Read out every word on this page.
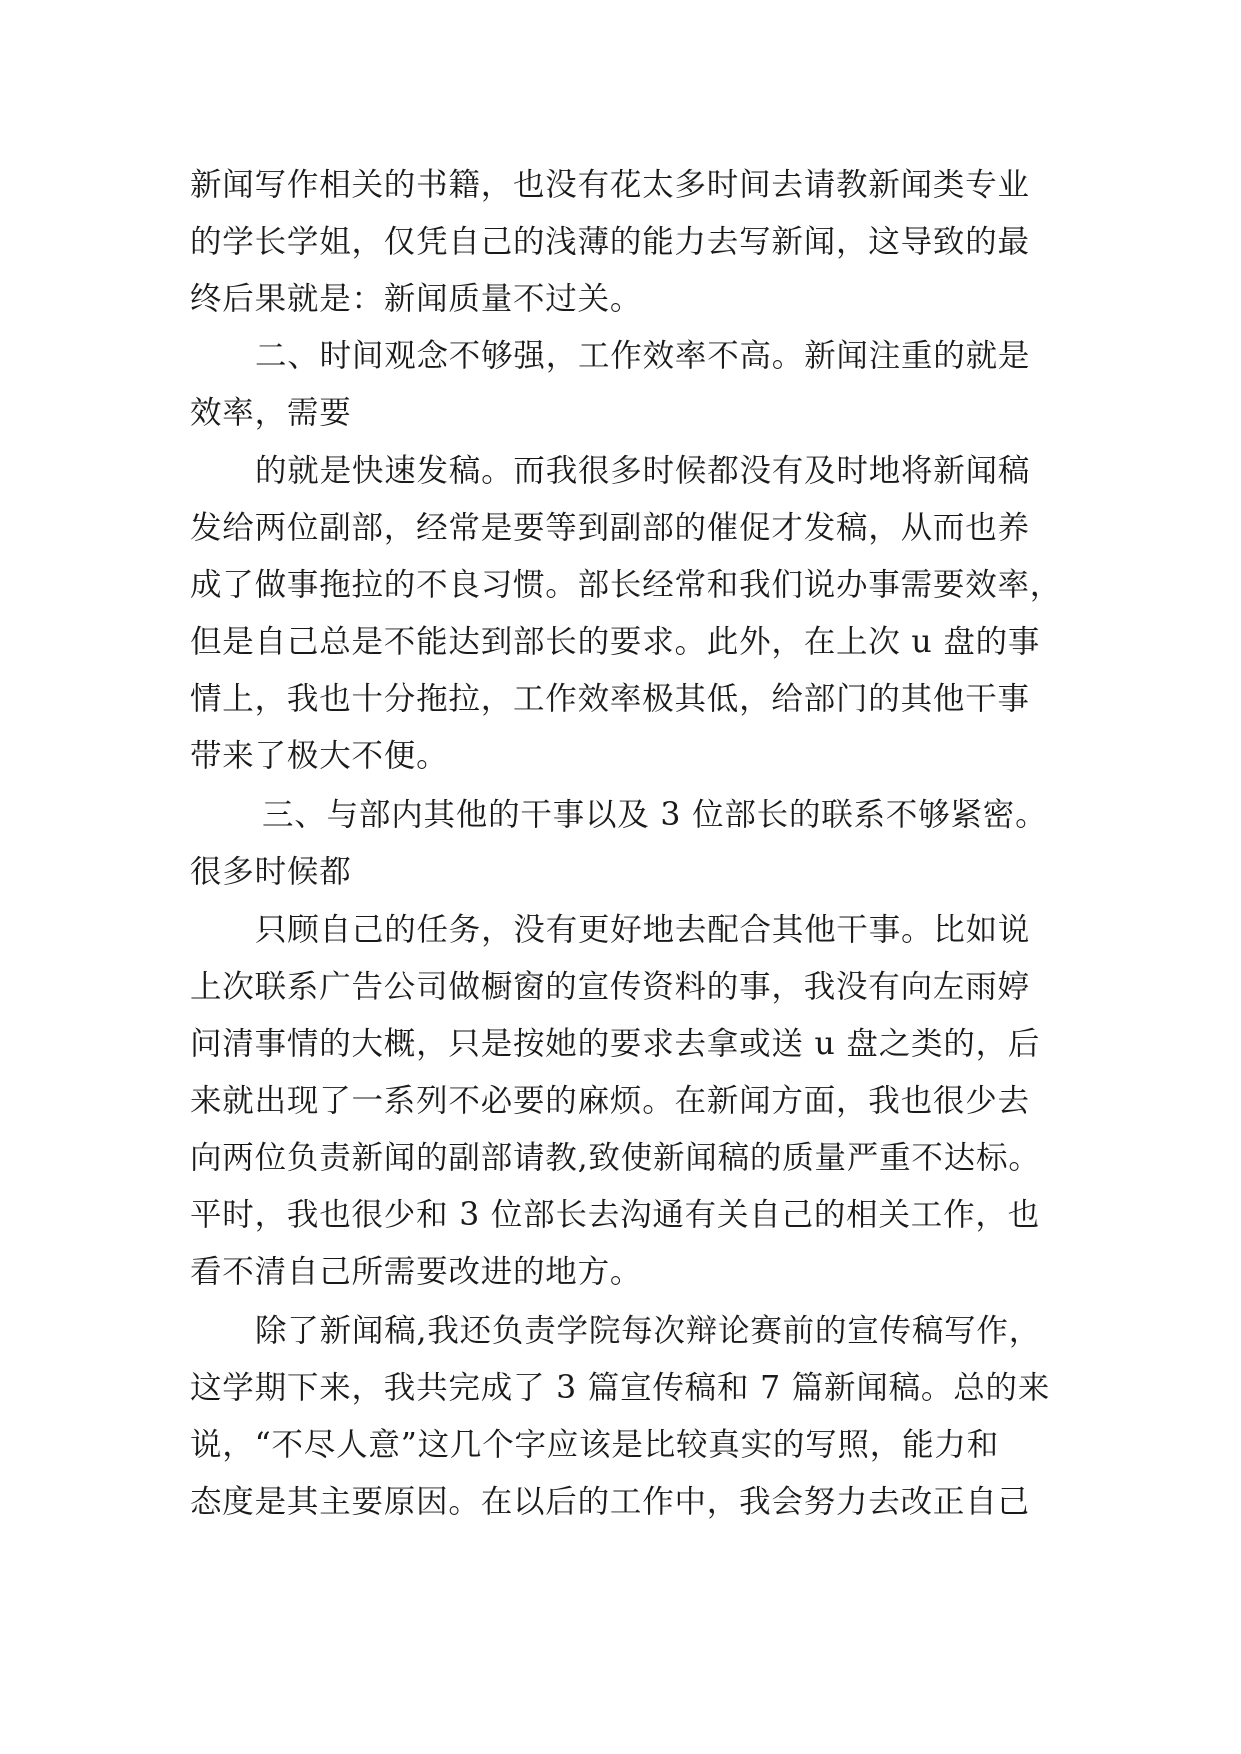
新闻写作相关的书籍，也没有花太多时间去请教新闻类专业
的学长学姐，仅凭自己的浅薄的能力去写新闻，这导致的最
终后果就是：新闻质量不过关。
二、时间观念不够强，工作效率不高。新闻注重的就是
效率，需要
的就是快速发稿。而我很多时候都没有及时地将新闻稿
发给两位副部，经常是要等到副部的催促才发稿，从而也养
成了做事拖拉的不良习惯。部长经常和我们说办事需要效率，
但是自己总是不能达到部长的要求。此外，在上次 u 盘的事
情上，我也十分拖拉，工作效率极其低，给部门的其他干事
带来了极大不便。
三、与部内其他的干事以及 3 位部长的联系不够紧密。
很多时候都
只顾自己的任务，没有更好地去配合其他干事。比如说
上次联系广告公司做橱窗的宣传资料的事，我没有向左雨婷
问清事情的大概，只是按她的要求去拿或送 u 盘之类的，后
来就出现了一系列不必要的麻烦。在新闻方面，我也很少去
向两位负责新闻的副部请教,致使新闻稿的质量严重不达标。
平时，我也很少和 3 位部长去沟通有关自己的相关工作，也
看不清自己所需要改进的地方。
除了新闻稿,我还负责学院每次辩论赛前的宣传稿写作，
这学期下来，我共完成了 3 篇宣传稿和 7 篇新闻稿。总的来
说，“不尽人意”这几个字应该是比较真实的写照，能力和
态度是其主要原因。在以后的工作中，我会努力去改正自己
